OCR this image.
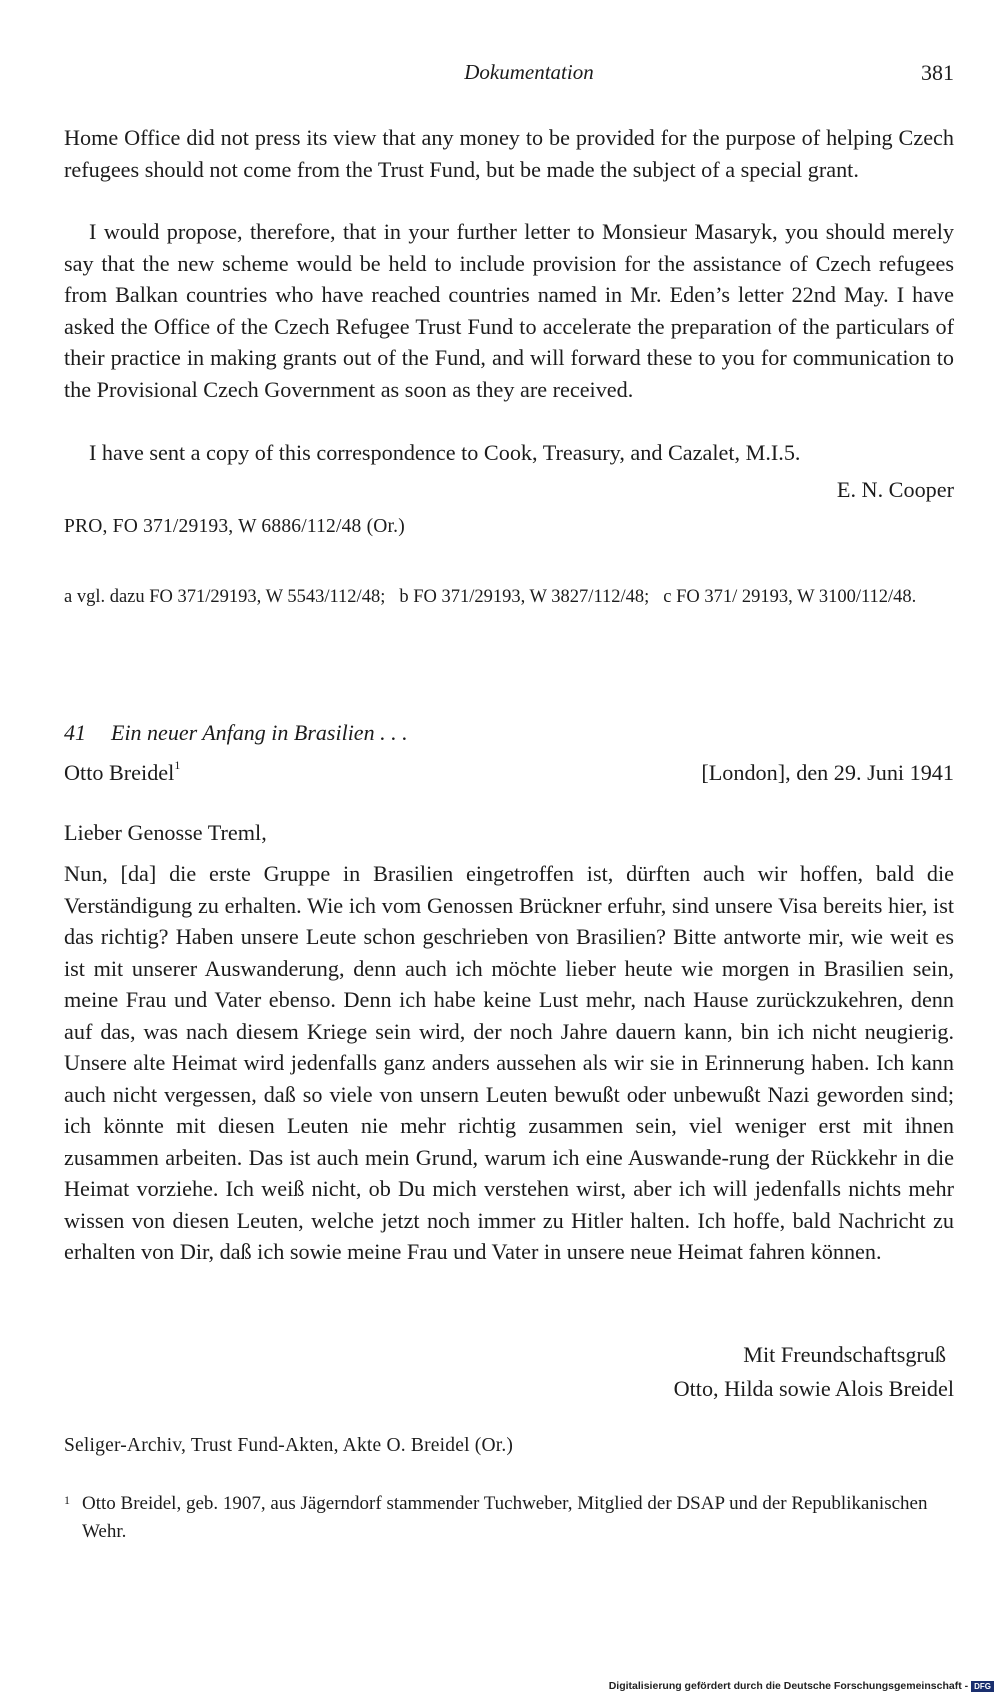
Dokumentation	381

Home Office did not press its view that any money to be provided for the purpose of helping Czech refugees should not come from the Trust Fund, but be made the subject of a special grant.

I would propose, therefore, that in your further letter to Monsieur Masaryk, you should merely say that the new scheme would be held to include provision for the assistance of Czech refugees from Balkan countries who have reached countries named in Mr. Eden’s letter 22nd May. I have asked the Office of the Czech Refugee Trust Fund to accelerate the preparation of the particulars of their practice in making grants out of the Fund, and will forward these to you for communication to the Provisional Czech Government as soon as they are received.

I have sent a copy of this correspondence to Cook, Treasury, and Cazalet, M.I.5.

E. N. Cooper
PRO, FO 371/29193, W 6886/112/48 (Or.)
a vgl. dazu FO 371/29193, W 5543/112/48; b FO 371/29193, W 3827/112/48; c FO 371/ 29193, W 3100/112/48.
41 Ein neuer Anfang in Brasilien . . .
Otto Breidel$^1$	[London], den 29. Juni 1941
Lieber Genosse Treml,

Nun, [da] die erste Gruppe in Brasilien eingetroffen ist, dürften auch wir hoffen, bald die Verständigung zu erhalten. Wie ich vom Genossen Brückner erfuhr, sind unsere Visa bereits hier, ist das richtig? Haben unsere Leute schon geschrieben von Brasilien? Bitte antworte mir, wie weit es ist mit unserer Auswanderung, denn auch ich möchte lieber heute wie morgen in Brasilien sein, meine Frau und Vater ebenso. Denn ich habe keine Lust mehr, nach Hause zurückzukehren, denn auf das, was nach diesem Kriege sein wird, der noch Jahre dauern kann, bin ich nicht neugierig. Unsere alte Heimat wird jedenfalls ganz anders aussehen als wir sie in Erinnerung haben. Ich kann auch nicht vergessen, daß so viele von unsern Leuten bewußt oder unbewußt Nazi geworden sind; ich könnte mit diesen Leuten nie mehr richtig zusammen sein, viel weniger erst mit ihnen zusammen arbeiten. Das ist auch mein Grund, warum ich eine Auswande-rung der Rückkehr in die Heimat vorziehe. Ich weiß nicht, ob Du mich verstehen wirst, aber ich will jedenfalls nichts mehr wissen von diesen Leuten, welche jetzt noch immer zu Hitler halten. Ich hoffe, bald Nachricht zu erhalten von Dir, daß ich sowie meine Frau und Vater in unsere neue Heimat fahren können.

Mit Freundschaftsgruß
Otto, Hilda sowie Alois Breidel
Seliger-Archiv, Trust Fund-Akten, Akte O. Breidel (Or.)
1 Otto Breidel, geb. 1907, aus Jägerndorf stammender Tuchweber, Mitglied der DSAP und der Republikanischen Wehr.
Digitalisierung gefördert durch die Deutsche Forschungsgemeinschaft - DFG
